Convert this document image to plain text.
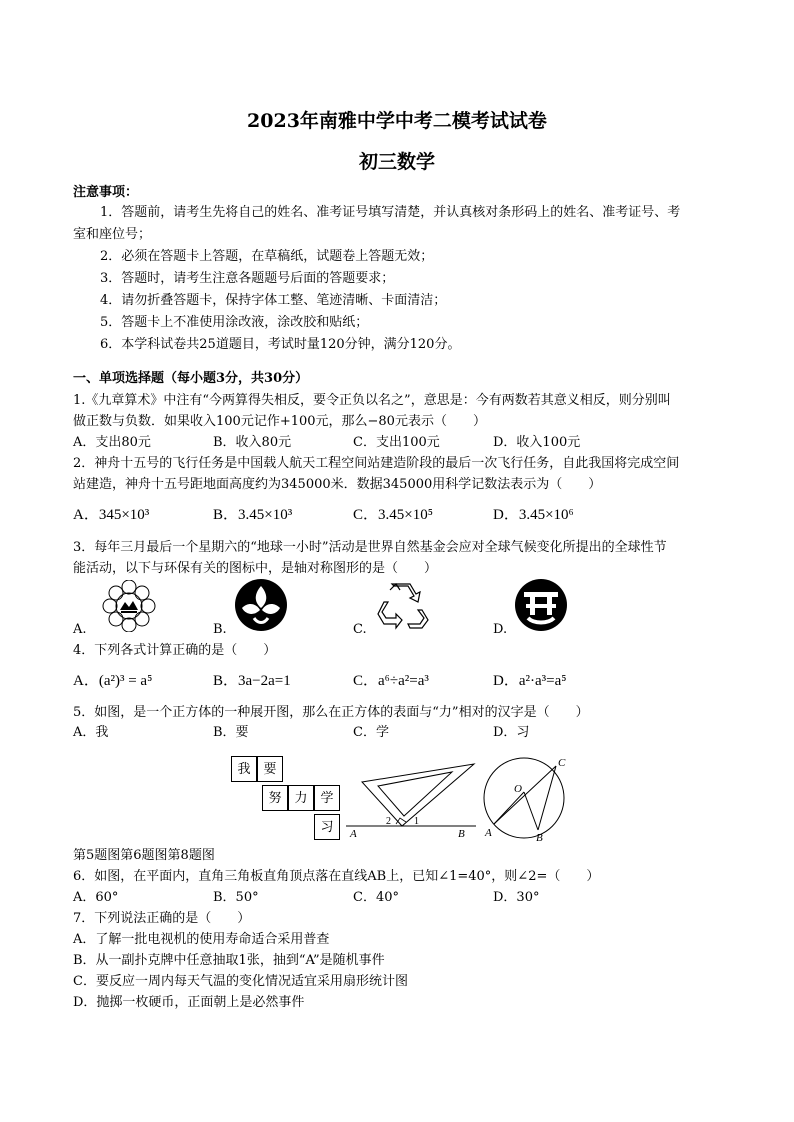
2023年南雅中学中考二模考试试卷
初三数学
注意事项：
1．答题前，请考生先将自己的姓名、准考证号填写清楚，并认真核对条形码上的姓名、准考证号、考
室和座位号；
2．必须在答题卡上答题，在草稿纸，试题卷上答题无效；
3．答题时，请考生注意各题题号后面的答题要求；
4．请勿折叠答题卡，保持字体工整、笔迹清晰、卡面清洁；
5．答题卡上不准使用涂改液，涂改胶和贴纸；
6．本学科试卷共25道题目，考试时量120分钟，满分120分。
一、单项选择题（每小题3分，共30分）
1.《九章算术》中注有“今两算得失相反，要令正负以名之”，意思是：今有两数若其意义相反，则分别叫
做正数与负数．如果收入100元记作+100元，那么−80元表示（　　）
A．支出80元	B．收入80元	C．支出100元	D．收入100元
2．神舟十五号的飞行任务是中国载人航天工程空间站建造阶段的最后一次飞行任务，自此我国将完成空间
站建造，神舟十五号距地面高度约为345000米．数据345000用科学记数法表示为（　　）
A．345×10³	B．3.45×10³	C．3.45×10⁵	D．3.45×10⁶
3．每年三月最后一个星期六的“地球一小时”活动是世界自然基金会应对全球气候变化所提出的全球性节
能活动，以下与环保有关的图标中，是轴对称图形的是（　　）
A.	B.	C.	D.
4．下列各式计算正确的是（　　）
A．(a²)³ = a⁵	B．3a−2a=1	C．a⁶÷a²=a³	D．a²·a³=a⁵
5．如图，是一个正方体的一种展开图，那么在正方体的表面与“力”相对的汉字是（　　）
A．我	B．要	C．学	D．习
我 要
努 力 学
习	A	B
2 1
A	B
C
O
第5题图第6题图第8题图
6．如图，在平面内，直角三角板直角顶点落在直线AB上，已知∠1=40°，则∠2=（　　）
A．60°	B．50°	C．40°	D．30°
7．下列说法正确的是（　　）
A．了解一批电视机的使用寿命适合采用普查
B．从一副扑克牌中任意抽取1张，抽到“A”是随机事件
C．要反应一周内每天气温的变化情况适宜采用扇形统计图
D．抛掷一枚硬币，正面朝上是必然事件
